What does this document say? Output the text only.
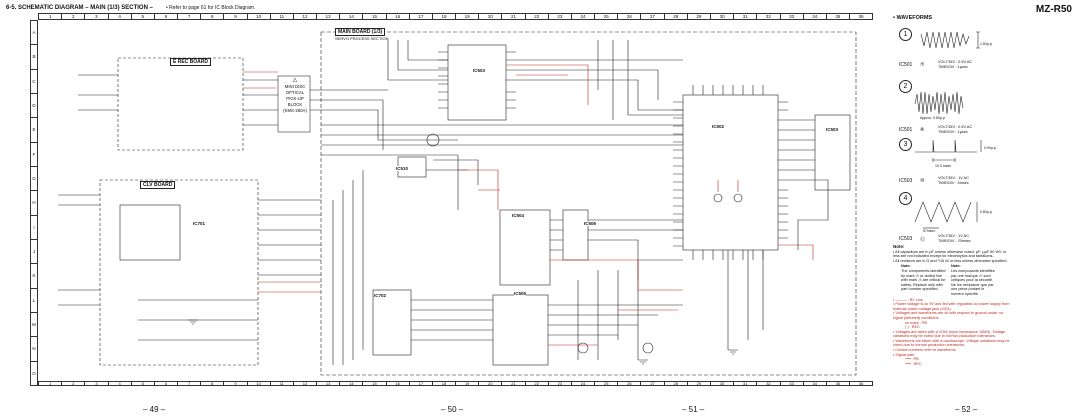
6-5. SCHEMATIC DIAGRAM – MAIN (1/3) SECTION –	• Refer to page 61 for IC Block Diagram.	MZ-R50
1	2	3	4	5	6	7	8	9	10	11	12	13	14	15	16	17	18	19	20	21	22	23	24	25	26	27	28	29	30	31	32	33	34	35	36
A
B
C
D
E
F
G
H
I
J
K
L
M
N
O
1	2	3	4	5	6	7	8	9	10	11	12	13	14	15	16	17	18	19	20	21	22	23	24	25	26	27	28	29	30	31	32	33	34	35	36
E REC BOARD
CLV BOARD
MAIN BOARD (1/3)
SERVO PROCESS SECTION
⚠
MINI DISC
OPTICAL
PICK-UP
BLOCK
(KMS-260A)
IC503
IC502
IC503
IC510
IC701	IC506
IC504
IC702	IC505
– 49 –	– 50 –	– 51 –	– 52 –
• WAVEFORMS
1
1.5Vp-p
IC501 ⑦	VOLT/DIV : 0.5V AC
TIME/DIV : 1µsec
2
Approx. 0.8Vp-p
IC501 ⑧	VOLT/DIV : 0.5V AC
TIME/DIV : 1µsec
3	0.9Vp-p
10.3 msec
IC503 ⑩	VOLT/DIV : 1V AC
TIME/DIV : 5msec
4
0.8Vp-p
57msec
IC503 ⑫
VOLT/DIV : 1V AC
TIME/DIV : 20msec
Note:
• All capacitors are in µF unless otherwise noted. pF: µµF 50 WV or less are not indicated except for electrolytics and tantalums.
• All resistors are in Ω and ¹/16 W or less unless otherwise specified.
Note:
The components identified by mark ⚠ or dotted line with mark ⚠ are critical for safety. Replace only with part number specified.
Note:
Les composants identifiés par une marque ⚠ sont critiques pour la sécurité. Ne les remplacer que par une pièce portant le numéro spécifié.
• ——— : B+ Line.
• Power voltage is dc 9V and fed with regulated dc power supply from external power voltage jack (J001).
• Voltages and waveforms are dc with respect to ground under no-signal (detuned) conditions.
no mark : PB
( ) : REC
• Voltages are taken with a VOM (Input impedance 10MΩ). Voltage variations may be noted due to normal production tolerances.
• Waveforms are taken with a oscilloscope. Voltage variations may be noted due to normal production tolerances.
• Circled numbers refer to waveforms.
• Signal path.
⟶ : PB
⟶ : REC
